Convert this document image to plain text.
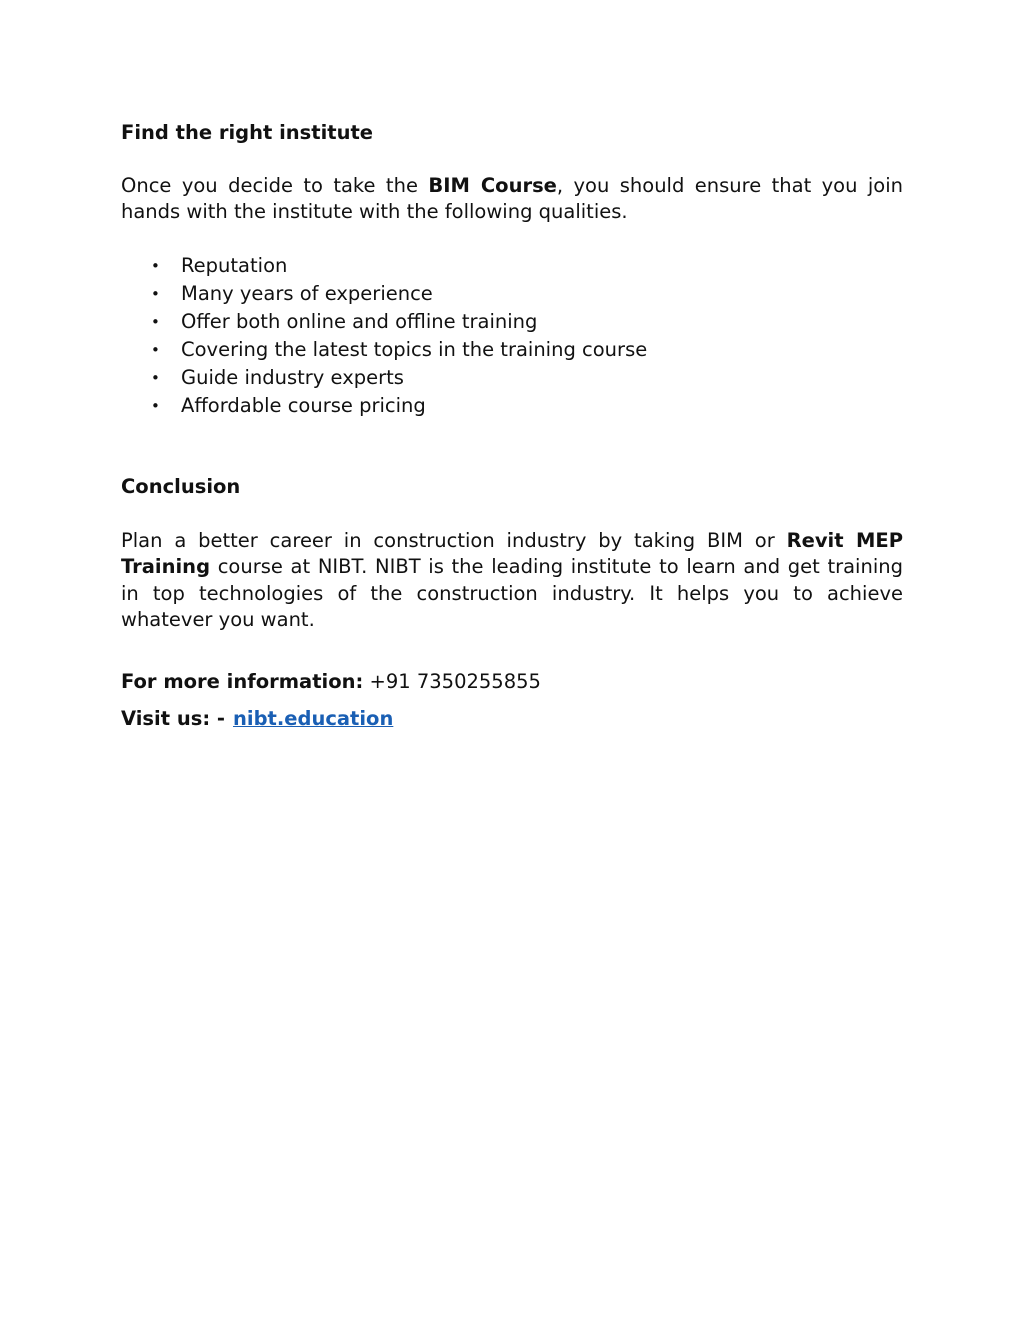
Find the right institute

Once you decide to take the BIM Course, you should ensure that you join hands with the institute with the following qualities.

• Reputation
• Many years of experience
• Offer both online and offline training
• Covering the latest topics in the training course
• Guide industry experts
• Affordable course pricing
Conclusion

Plan a better career in construction industry by taking BIM or Revit MEP Training course at NIBT. NIBT is the leading institute to learn and get training in top technologies of the construction industry. It helps you to achieve whatever you want.

For more information: +91 7350255855

Visit us: - nibt.education
